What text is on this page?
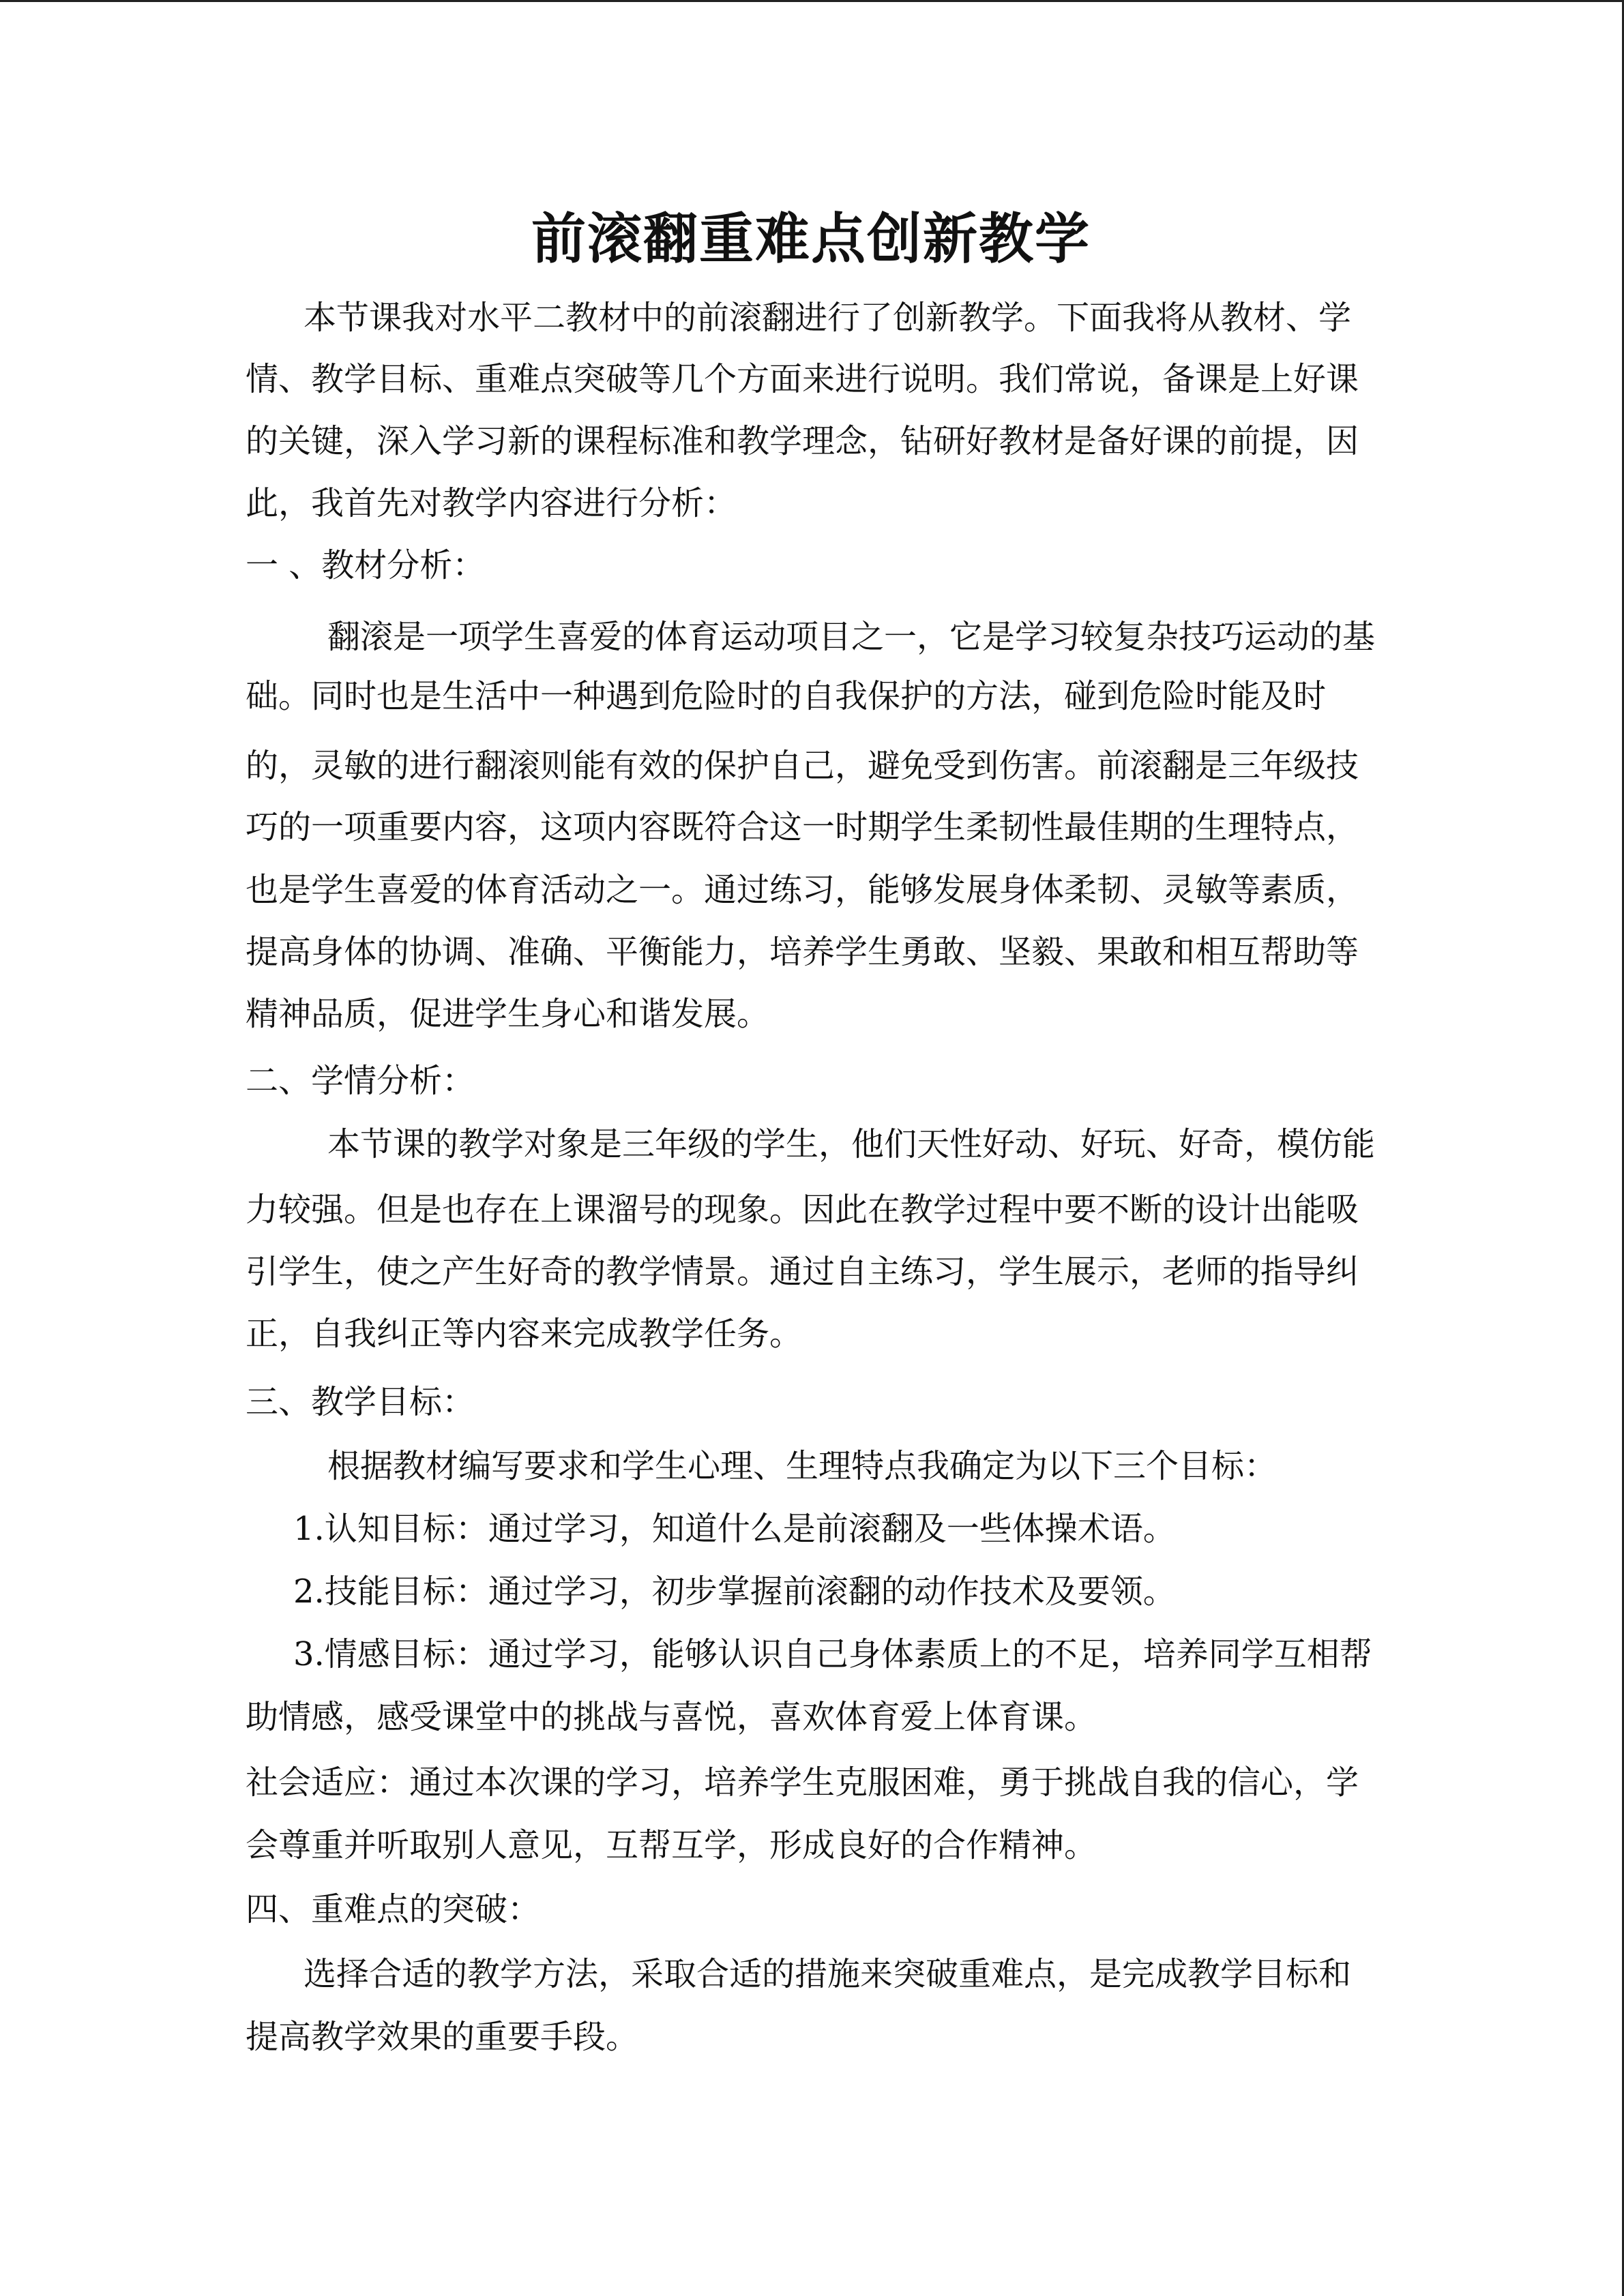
前滚翻重难点创新教学
本节课我对水平二教材中的前滚翻进行了创新教学。下面我将从教材、学
情、教学目标、重难点突破等几个方面来进行说明。我们常说，备课是上好课
的关键，深入学习新的课程标准和教学理念，钻研好教材是备好课的前提，因
此，我首先对教学内容进行分析：
一 、教材分析：
翻滚是一项学生喜爱的体育运动项目之一，它是学习较复杂技巧运动的基
础。同时也是生活中一种遇到危险时的自我保护的方法，碰到危险时能及时
的，灵敏的进行翻滚则能有效的保护自己，避免受到伤害。前滚翻是三年级技
巧的一项重要内容，这项内容既符合这一时期学生柔韧性最佳期的生理特点，
也是学生喜爱的体育活动之一。通过练习，能够发展身体柔韧、灵敏等素质，
提高身体的协调、准确、平衡能力，培养学生勇敢、坚毅、果敢和相互帮助等
精神品质，促进学生身心和谐发展。
二、学情分析：
本节课的教学对象是三年级的学生，他们天性好动、好玩、好奇，模仿能
力较强。但是也存在上课溜号的现象。因此在教学过程中要不断的设计出能吸
引学生，使之产生好奇的教学情景。通过自主练习，学生展示，老师的指导纠
正，自我纠正等内容来完成教学任务。
三、教学目标：
根据教材编写要求和学生心理、生理特点我确定为以下三个目标：
1.认知目标：通过学习，知道什么是前滚翻及一些体操术语。
2.技能目标：通过学习，初步掌握前滚翻的动作技术及要领。
3.情感目标：通过学习，能够认识自己身体素质上的不足，培养同学互相帮
助情感，感受课堂中的挑战与喜悦，喜欢体育爱上体育课。
社会适应：通过本次课的学习，培养学生克服困难，勇于挑战自我的信心，学
会尊重并听取别人意见，互帮互学，形成良好的合作精神。
四、重难点的突破：
选择合适的教学方法，采取合适的措施来突破重难点，是完成教学目标和
提高教学效果的重要手段。
